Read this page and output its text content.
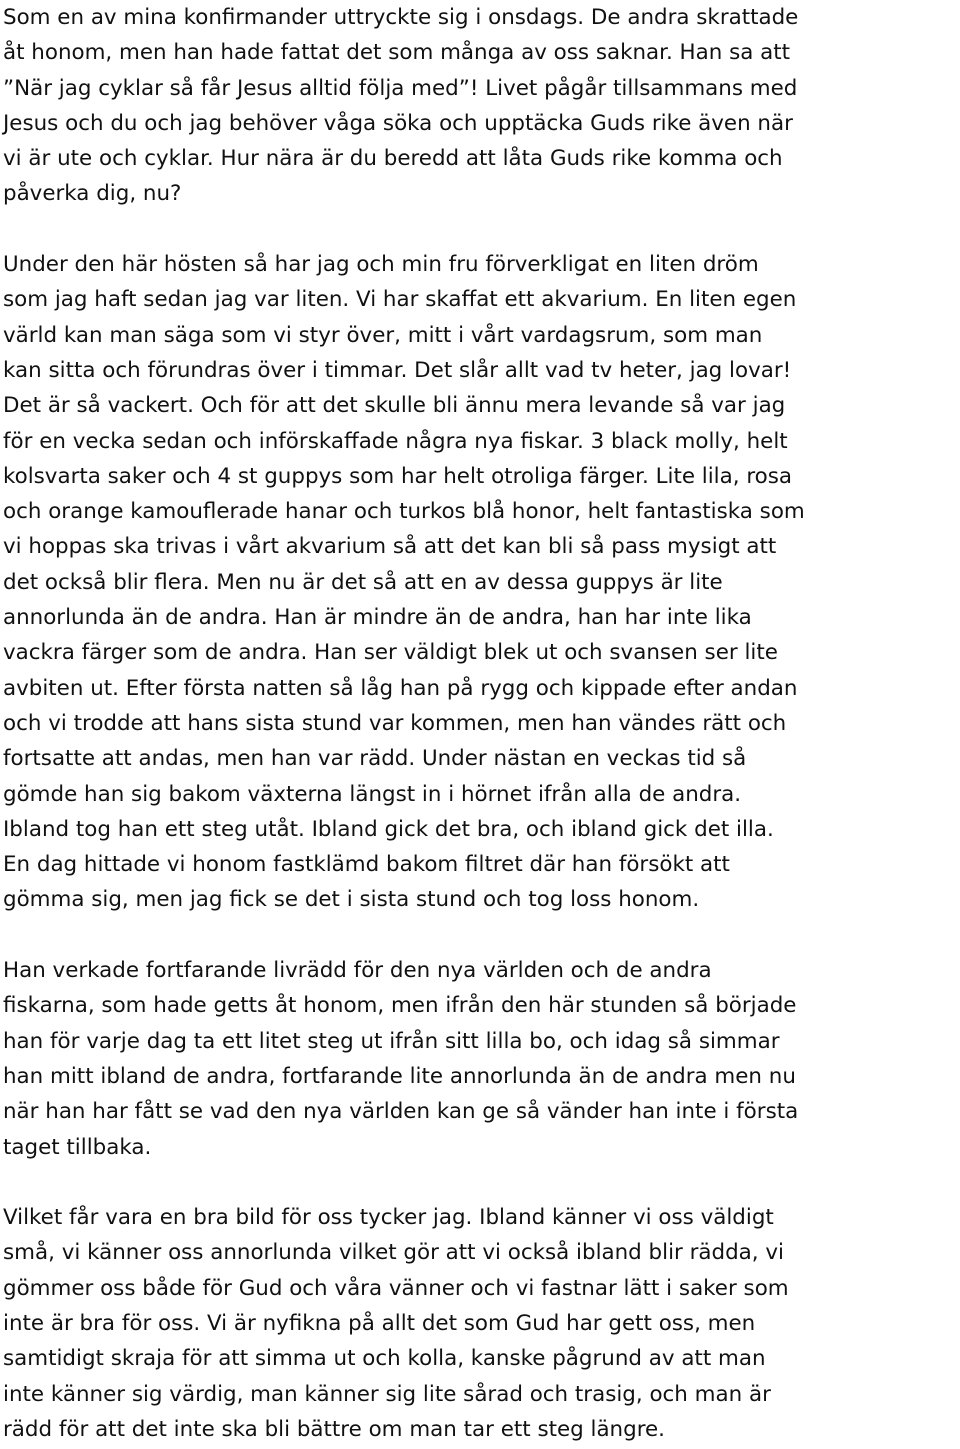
Som en av mina konfirmander uttryckte sig i onsdags. De andra skrattade
åt honom, men han hade fattat det som många av oss saknar. Han sa att
”När jag cyklar så får Jesus alltid följa med”! Livet pågår tillsammans med
Jesus och du och jag behöver våga söka och upptäcka Guds rike även när
vi är ute och cyklar. Hur nära är du beredd att låta Guds rike komma och
påverka dig, nu?
Under den här hösten så har jag och min fru förverkligat en liten dröm
som jag haft sedan jag var liten. Vi har skaffat ett akvarium. En liten egen
värld kan man säga som vi styr över, mitt i vårt vardagsrum, som man
kan sitta och förundras över i timmar. Det slår allt vad tv heter, jag lovar!
Det är så vackert. Och för att det skulle bli ännu mera levande så var jag
för en vecka sedan och införskaffade några nya fiskar. 3 black molly, helt
kolsvarta saker och 4 st guppys som har helt otroliga färger. Lite lila, rosa
och orange kamouflerade hanar och turkos blå honor, helt fantastiska som
vi hoppas ska trivas i vårt akvarium så att det kan bli så pass mysigt att
det också blir flera. Men nu är det så att en av dessa guppys är lite
annorlunda än de andra. Han är mindre än de andra, han har inte lika
vackra färger som de andra. Han ser väldigt blek ut och svansen ser lite
avbiten ut. Efter första natten så låg han på rygg och kippade efter andan
och vi trodde att hans sista stund var kommen, men han vändes rätt och
fortsatte att andas, men han var rädd. Under nästan en veckas tid så
gömde han sig bakom växterna längst in i hörnet ifrån alla de andra.
Ibland tog han ett steg utåt. Ibland gick det bra, och ibland gick det illa.
En dag hittade vi honom fastklämd bakom filtret där han försökt att
gömma sig, men jag fick se det i sista stund och tog loss honom.
Han verkade fortfarande livrädd för den nya världen och de andra
fiskarna, som hade getts åt honom, men ifrån den här stunden så började
han för varje dag ta ett litet steg ut ifrån sitt lilla bo, och idag så simmar
han mitt ibland de andra, fortfarande lite annorlunda än de andra men nu
när han har fått se vad den nya världen kan ge så vänder han inte i första
taget tillbaka.
Vilket får vara en bra bild för oss tycker jag. Ibland känner vi oss väldigt
små, vi känner oss annorlunda vilket gör att vi också ibland blir rädda, vi
gömmer oss både för Gud och våra vänner och vi fastnar lätt i saker som
inte är bra för oss. Vi är nyfikna på allt det som Gud har gett oss, men
samtidigt skraja för att simma ut och kolla, kanske pågrund av att man
inte känner sig värdig, man känner sig lite sårad och trasig, och man är
rädd för att det inte ska bli bättre om man tar ett steg längre.
